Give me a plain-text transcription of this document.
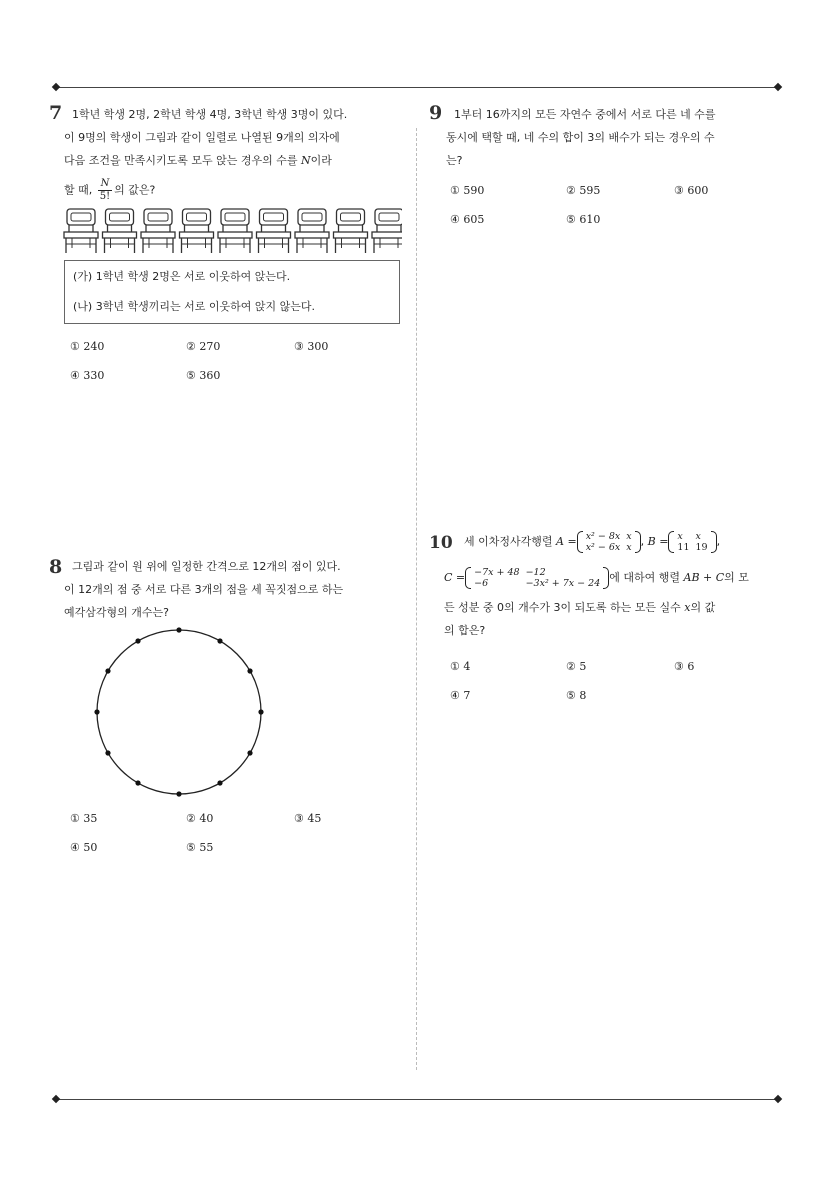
7 1학년 학생 2명, 2학년 학생 4명, 3학년 학생 3명이 있다.
이 9명의 학생이 그림과 같이 일렬로 나열된 9개의 의자에
다음 조건을 만족시키도록 모두 앉는 경우의 수를 N이라
할 때, $\frac{N}{5!}$ 의 값은?
(가) 1학년 학생 2명은 서로 이웃하여 앉는다.
(나) 3학년 학생끼리는 서로 이웃하여 앉지 않는다.
① 240	② 270	③ 300
④ 330	⑤ 360
8 그림과 같이 원 위에 일정한 간격으로 12개의 점이 있다.
이 12개의 점 중 서로 다른 3개의 점을 세 꼭짓점으로 하는
예각삼각형의 개수는?
① 35	② 40	③ 45
④ 50	⑤ 55
9 1부터 16까지의 모든 자연수 중에서 서로 다른 네 수를
동시에 택할 때, 네 수의 합이 3의 배수가 되는 경우의 수
는?
① 590	② 595	③ 600
④ 605	⑤ 610
10 세 이차정사각행렬 A = x² − 8x	x
x² − 6x	x , B = x	x
11	19 ,
C = −7x + 48	−12
−6	−3x² + 7x − 24 에 대하여 행렬 AB + C의 모
든 성분 중 0의 개수가 3이 되도록 하는 모든 실수 x의 값
의 합은?
① 4	② 5	③ 6
④ 7	⑤ 8
